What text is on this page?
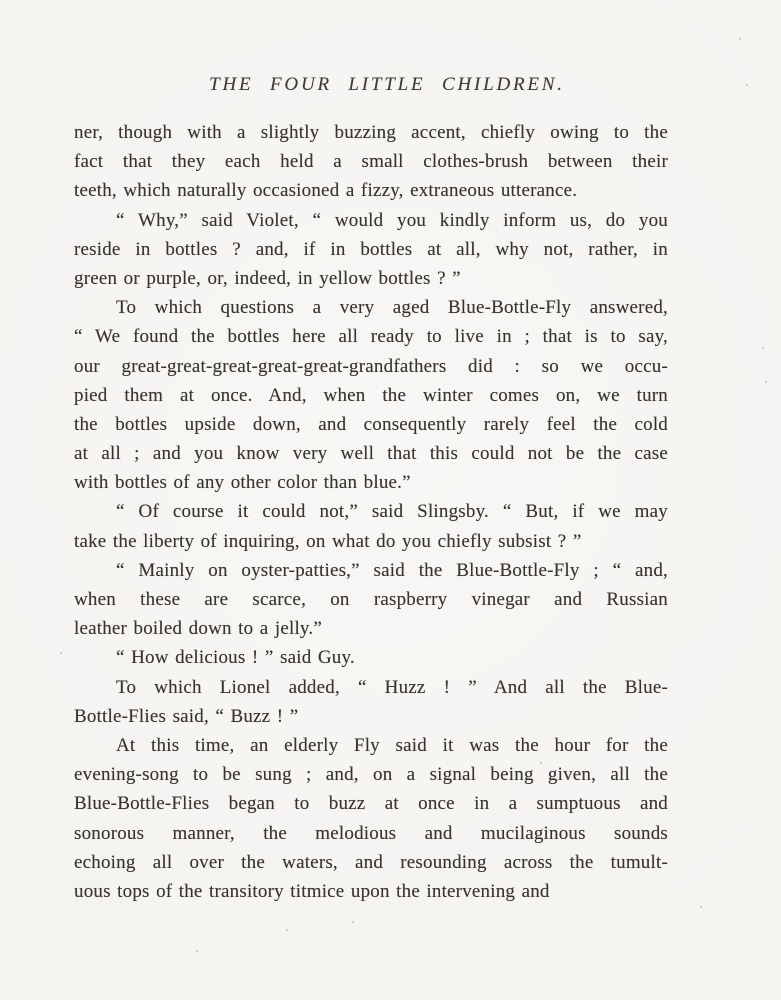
THE FOUR LITTLE CHILDREN.
ner, though with a slightly buzzing accent, chiefly owing to the
fact that they each held a small clothes-brush between their
teeth, which naturally occasioned a fizzy, extraneous utterance.
“ Why,” said Violet, “ would you kindly inform us, do you
reside in bottles ? and, if in bottles at all, why not, rather, in
green or purple, or, indeed, in yellow bottles ? ”
To which questions a very aged Blue-Bottle-Fly answered,
“ We found the bottles here all ready to live in ; that is to say,
our great-great-great-great-great-grandfathers did : so we occu-
pied them at once. And, when the winter comes on, we turn
the bottles upside down, and consequently rarely feel the cold
at all ; and you know very well that this could not be the case
with bottles of any other color than blue.”
“ Of course it could not,” said Slingsby. “ But, if we may
take the liberty of inquiring, on what do you chiefly subsist ? ”
“ Mainly on oyster-patties,” said the Blue-Bottle-Fly ; “ and,
when these are scarce, on raspberry vinegar and Russian
leather boiled down to a jelly.”
“ How delicious ! ” said Guy.
To which Lionel added, “ Huzz ! ” And all the Blue-
Bottle-Flies said, “ Buzz ! ”
At this time, an elderly Fly said it was the hour for the
evening-song to be sung ; and, on a signal being given, all the
Blue-Bottle-Flies began to buzz at once in a sumptuous and
sonorous manner, the melodious and mucilaginous sounds
echoing all over the waters, and resounding across the tumult-
uous tops of the transitory titmice upon the intervening and
